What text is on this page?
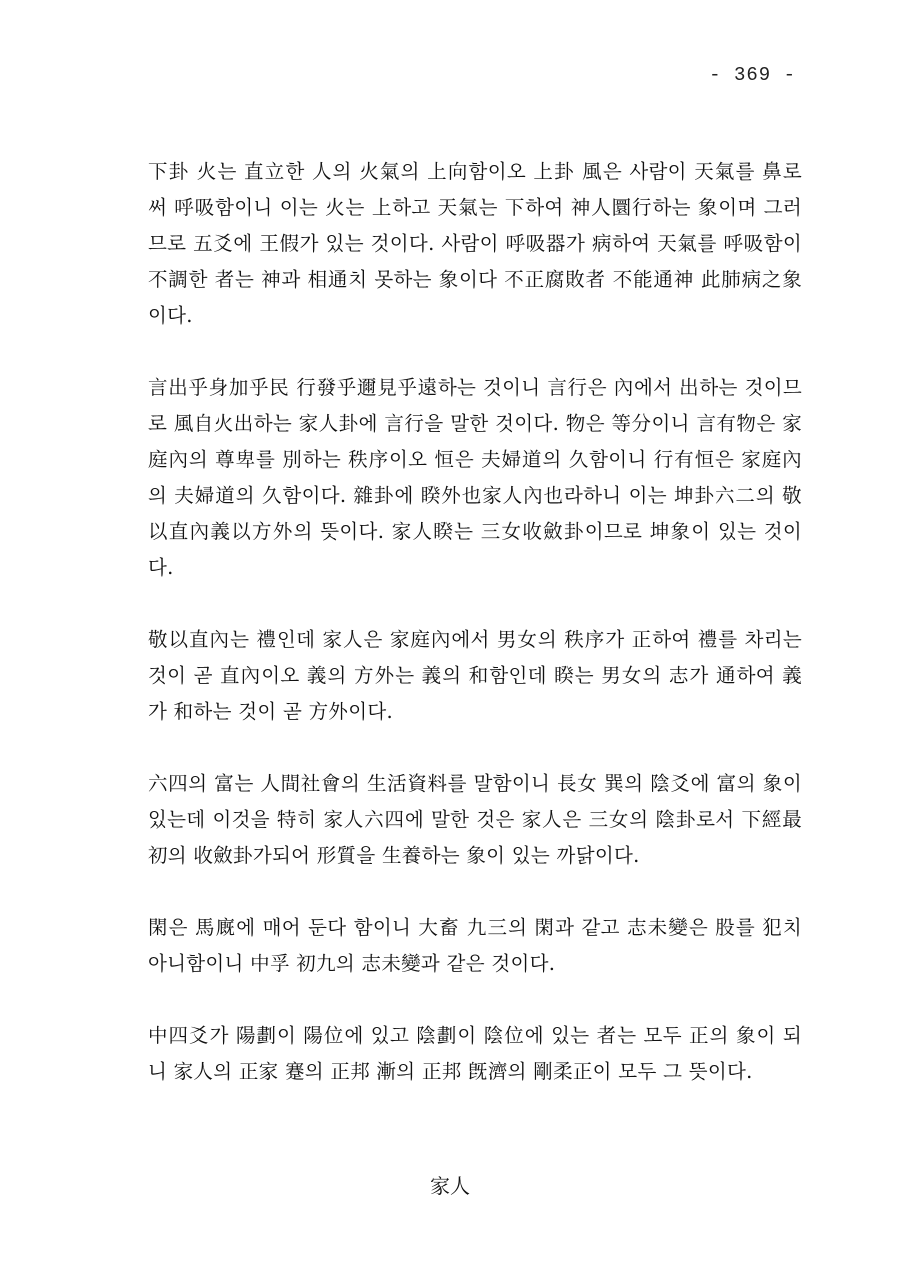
- 369 -

下卦 火는 直立한 人의 火氣의 上向함이오 上卦 風은 사람이 天氣를 鼻로 써 呼吸함이니 이는 火는 上하고 天氣는 下하여 神人圜行하는 象이며 그러므로 五爻에 王假가 있는 것이다. 사람이 呼吸器가 病하여 天氣를 呼吸함이 不調한 者는 神과 相通치 못하는 象이다 不正腐敗者 不能通神 此肺病之象이다.

言出乎身加乎民 行發乎邇見乎遠하는 것이니 言行은 內에서 出하는 것이므로 風自火出하는 家人卦에 言行을 말한 것이다. 物은 等分이니 言有物은 家庭內의 尊卑를 別하는 秩序이오 恒은 夫婦道의 久함이니 行有恒은 家庭內의 夫婦道의 久함이다. 雜卦에 睽外也家人內也라하니 이는 坤卦六二의 敬以直內義以方外의 뜻이다. 家人睽는 三女收斂卦이므로 坤象이 있는 것이다.

敬以直內는 禮인데 家人은 家庭內에서 男女의 秩序가 正하여 禮를 차리는 것이 곧 直內이오 義의 方外는 義의 和함인데 睽는 男女의 志가 通하여 義가 和하는 것이 곧 方外이다.

六四의 富는 人間社會의 生活資料를 말함이니 長女 巽의 陰爻에 富의 象이 있는데 이것을 特히 家人六四에 말한 것은 家人은 三女의 陰卦로서 下經最初의 收斂卦가되어 形質을 生養하는 象이 있는 까닭이다.

閑은 馬廐에 매어 둔다 함이니 大畜 九三의 閑과 같고 志未變은 股를 犯치 아니함이니 中孚 初九의 志未變과 같은 것이다.

中四爻가 陽劃이 陽位에 있고 陰劃이 陰位에 있는 者는 모두 正의 象이 되니 家人의 正家 蹇의 正邦 漸의 正邦 旣濟의 剛柔正이 모두 그 뜻이다.

家人
